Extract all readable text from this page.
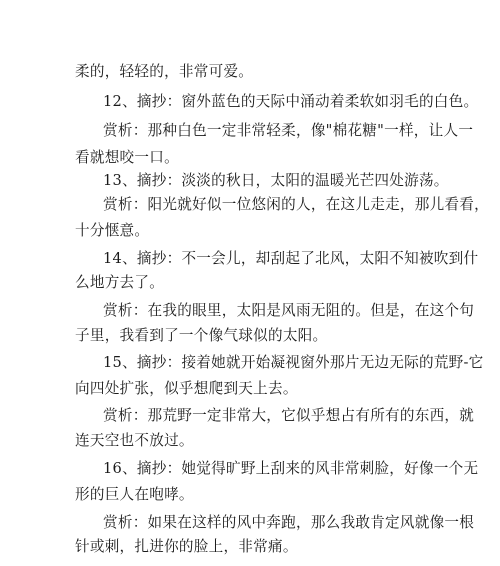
柔的，轻轻的，非常可爱。
12、摘抄：窗外蓝色的天际中涌动着柔软如羽毛的白色。
赏析：那种白色一定非常轻柔，像"棉花糖"一样，让人一
看就想咬一口。
13、摘抄：淡淡的秋日，太阳的温暖光芒四处游荡。
赏析：阳光就好似一位悠闲的人，在这儿走走，那儿看看，
十分惬意。
14、摘抄：不一会儿，却刮起了北风，太阳不知被吹到什
么地方去了。
赏析：在我的眼里，太阳是风雨无阻的。但是，在这个句
子里，我看到了一个像气球似的太阳。
15、摘抄：接着她就开始凝视窗外那片无边无际的荒野-它
向四处扩张，似乎想爬到天上去。
赏析：那荒野一定非常大，它似乎想占有所有的东西，就
连天空也不放过。
16、摘抄：她觉得旷野上刮来的风非常刺脸，好像一个无
形的巨人在咆哮。
赏析：如果在这样的风中奔跑，那么我敢肯定风就像一根
针或刺，扎进你的脸上，非常痛。
